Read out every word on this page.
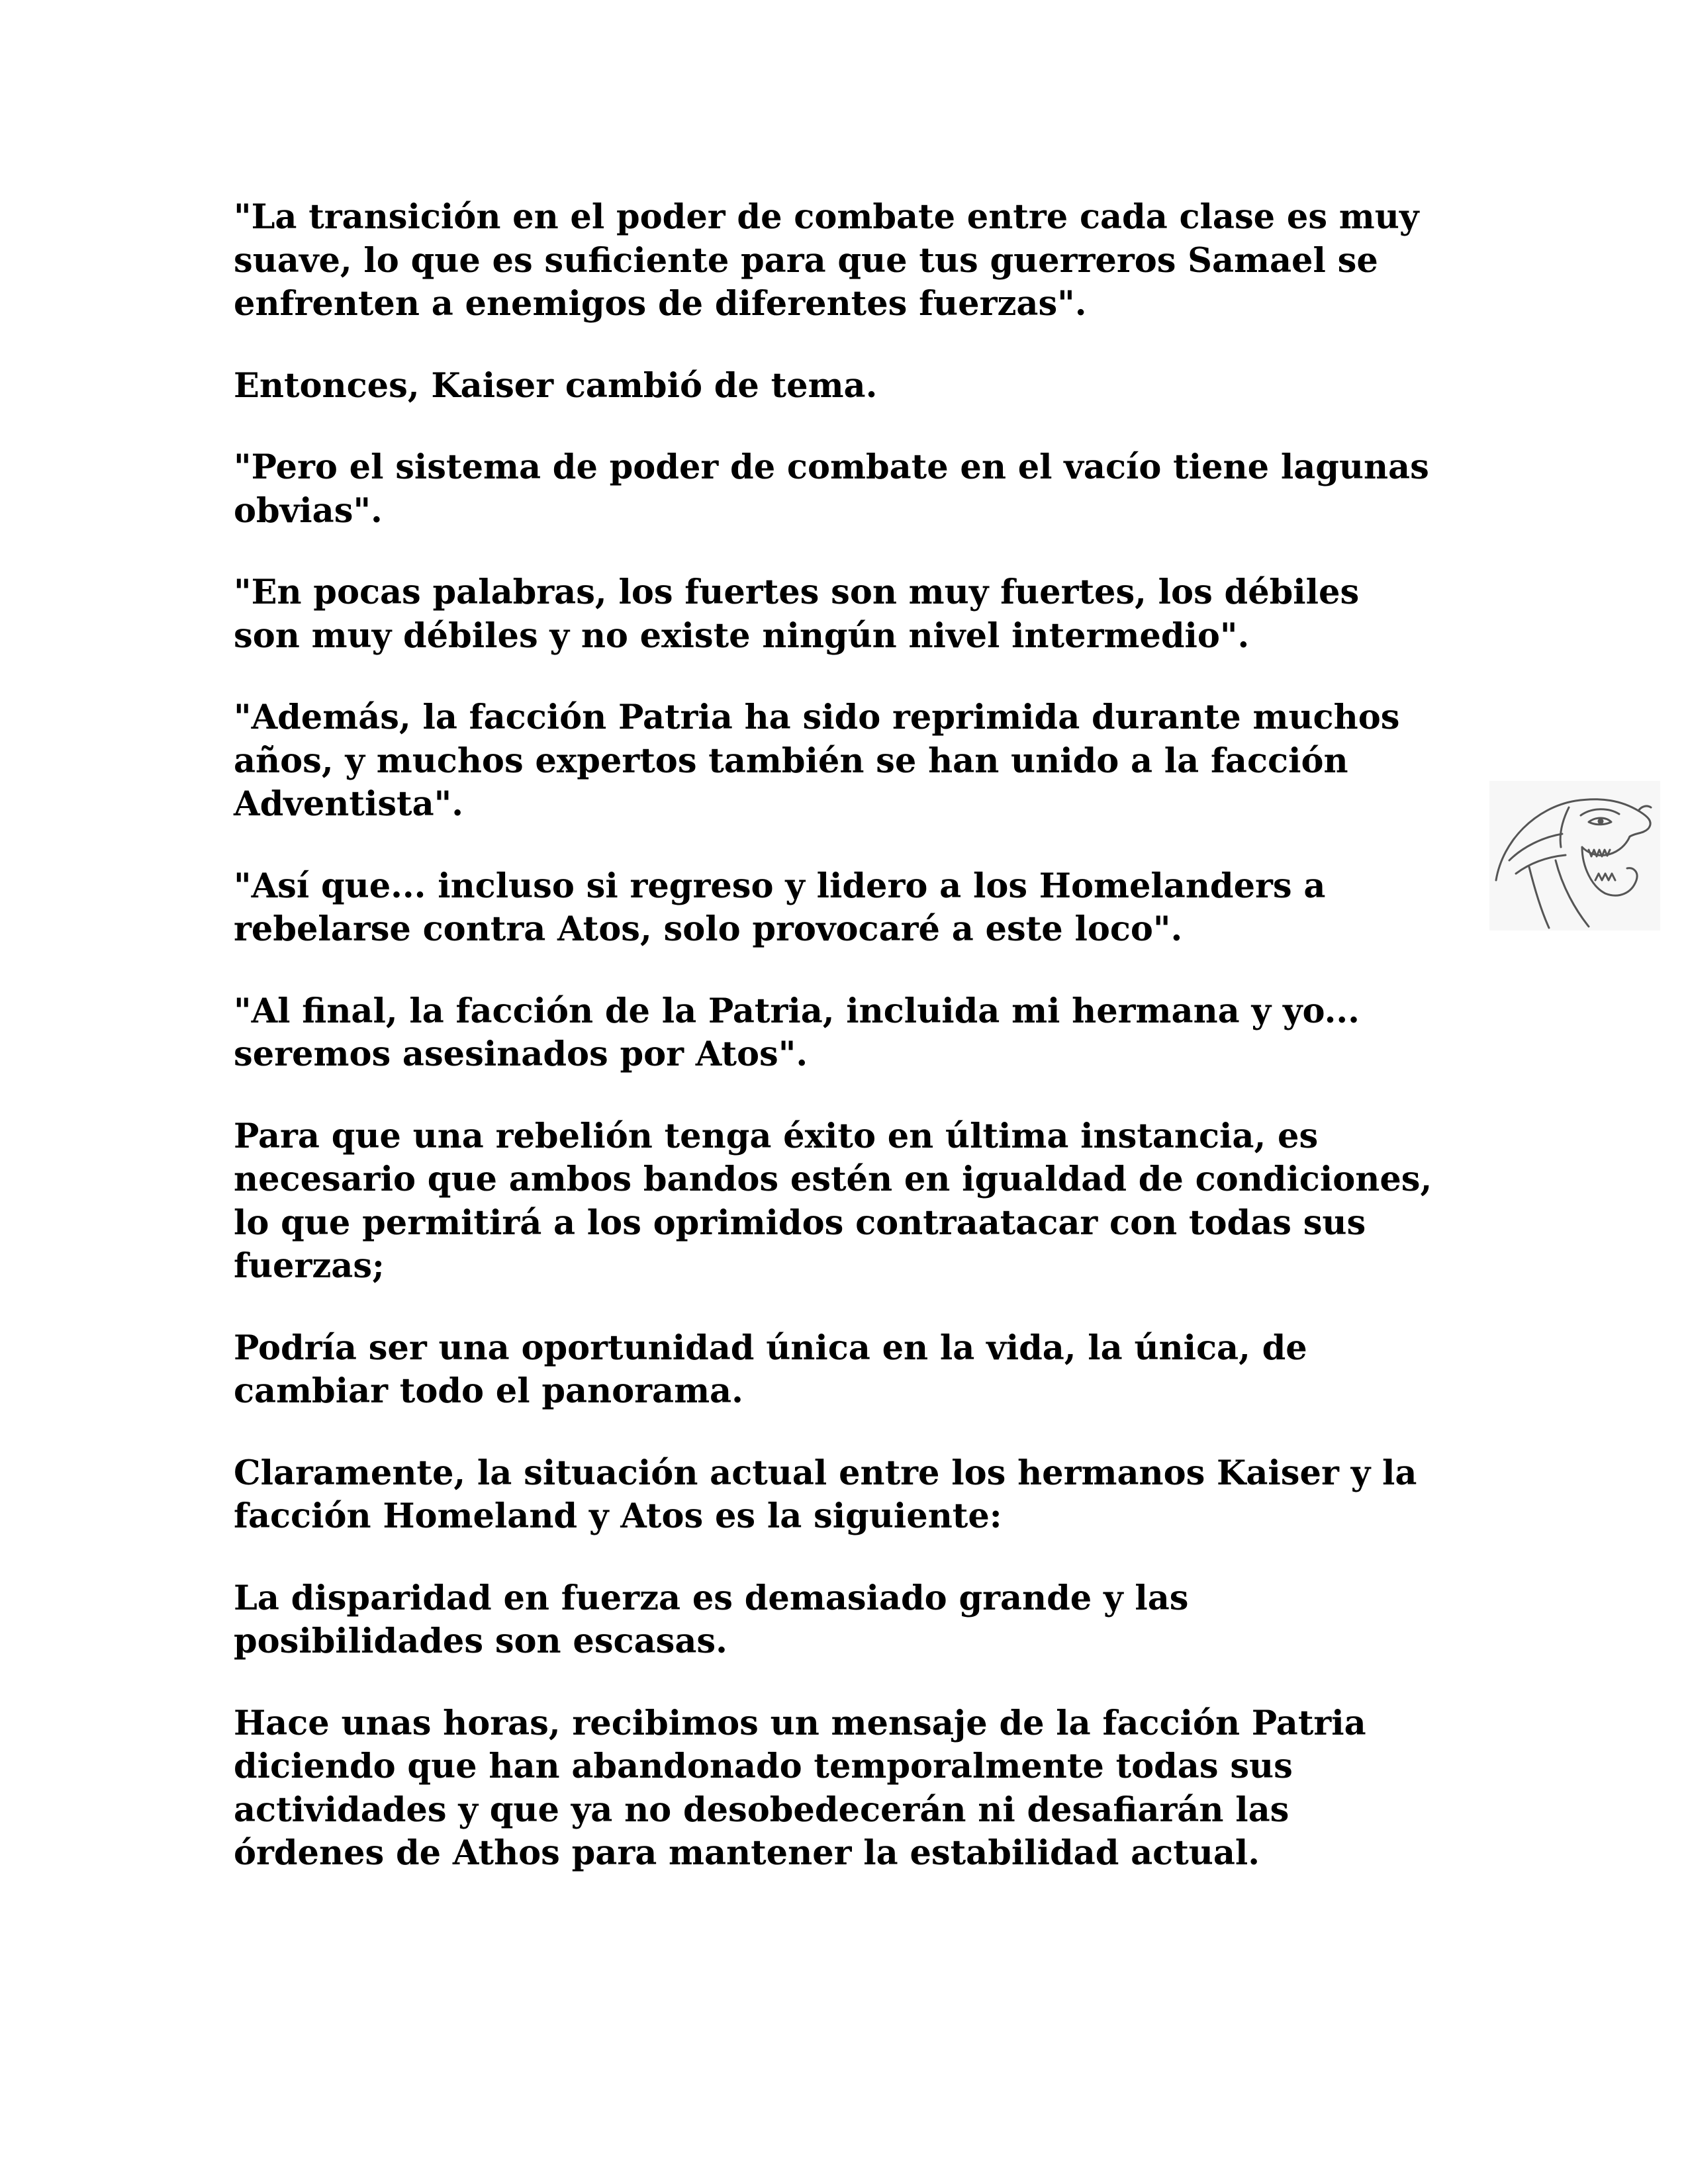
"La transición en el poder de combate entre cada clase es muy
suave, lo que es suficiente para que tus guerreros Samael se
enfrenten a enemigos de diferentes fuerzas".

Entonces, Kaiser cambió de tema.

"Pero el sistema de poder de combate en el vacío tiene lagunas
obvias".

"En pocas palabras, los fuertes son muy fuertes, los débiles
son muy débiles y no existe ningún nivel intermedio".

"Además, la facción Patria ha sido reprimida durante muchos
años, y muchos expertos también se han unido a la facción
Adventista".

"Así que... incluso si regreso y lidero a los Homelanders a
rebelarse contra Atos, solo provocaré a este loco".

"Al final, la facción de la Patria, incluida mi hermana y yo...
seremos asesinados por Atos".

Para que una rebelión tenga éxito en última instancia, es
necesario que ambos bandos estén en igualdad de condiciones,
lo que permitirá a los oprimidos contraatacar con todas sus
fuerzas;

Podría ser una oportunidad única en la vida, la única, de
cambiar todo el panorama.

Claramente, la situación actual entre los hermanos Kaiser y la
facción Homeland y Atos es la siguiente:

La disparidad en fuerza es demasiado grande y las
posibilidades son escasas.

Hace unas horas, recibimos un mensaje de la facción Patria
diciendo que han abandonado temporalmente todas sus
actividades y que ya no desobedecerán ni desafiarán las
órdenes de Athos para mantener la estabilidad actual.
